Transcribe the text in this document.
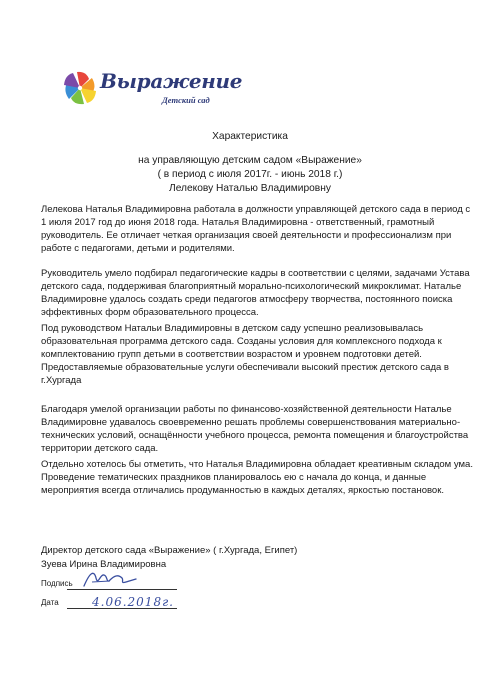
Выражение
Детский сад
Характеристика
на управляющую детским садом «Выражение»
( в период с июля 2017г. - июнь 2018 г.)
Лелекову Наталью Владимировну

Лелекова Наталья Владимировна работала в должности управляющей детского сада в период с 1 июля 2017 год до июня 2018 года. Наталья Владимировна - ответственный, грамотный руководитель. Ее отличает четкая организация своей деятельности и профессионализм при работе с педагогами, детьми и родителями.

Руководитель умело подбирал педагогические кадры в соответствии с целями, задачами Устава детского сада, поддерживая благоприятный морально-психологический микроклимат. Наталье Владимировне удалось создать среди педагогов атмосферу творчества, постоянного поиска эффективных форм образовательного процесса.

Под руководством Натальи Владимировны в детском саду успешно реализовывалась образовательная программа детского сада. Созданы условия для комплексного подхода к комплектованию групп детьми в соответствии возрастом и уровнем подготовки детей. Предоставляемые образовательные услуги обеспечивали высокий престиж детского сада в г.Хургада

Благодаря умелой организации работы по финансово-хозяйственной деятельности Наталье Владимировне удавалось своевременно решать проблемы совершенствования материально-технических условий, оснащённости учебного процесса, ремонта помещения и благоустройства территории детского сада.

Отдельно хотелось бы отметить, что Наталья Владимировна обладает креативным складом ума. Проведение тематических праздников планировалось ею с начала до конца, и данные мероприятия всегда отличались продуманностью в каждых деталях, яркостью постановок.

Директор детского сада «Выражение» ( г.Хургада, Египет)
Зуева Ирина Владимировна
Подпись
Дата	4.06.2018г.
